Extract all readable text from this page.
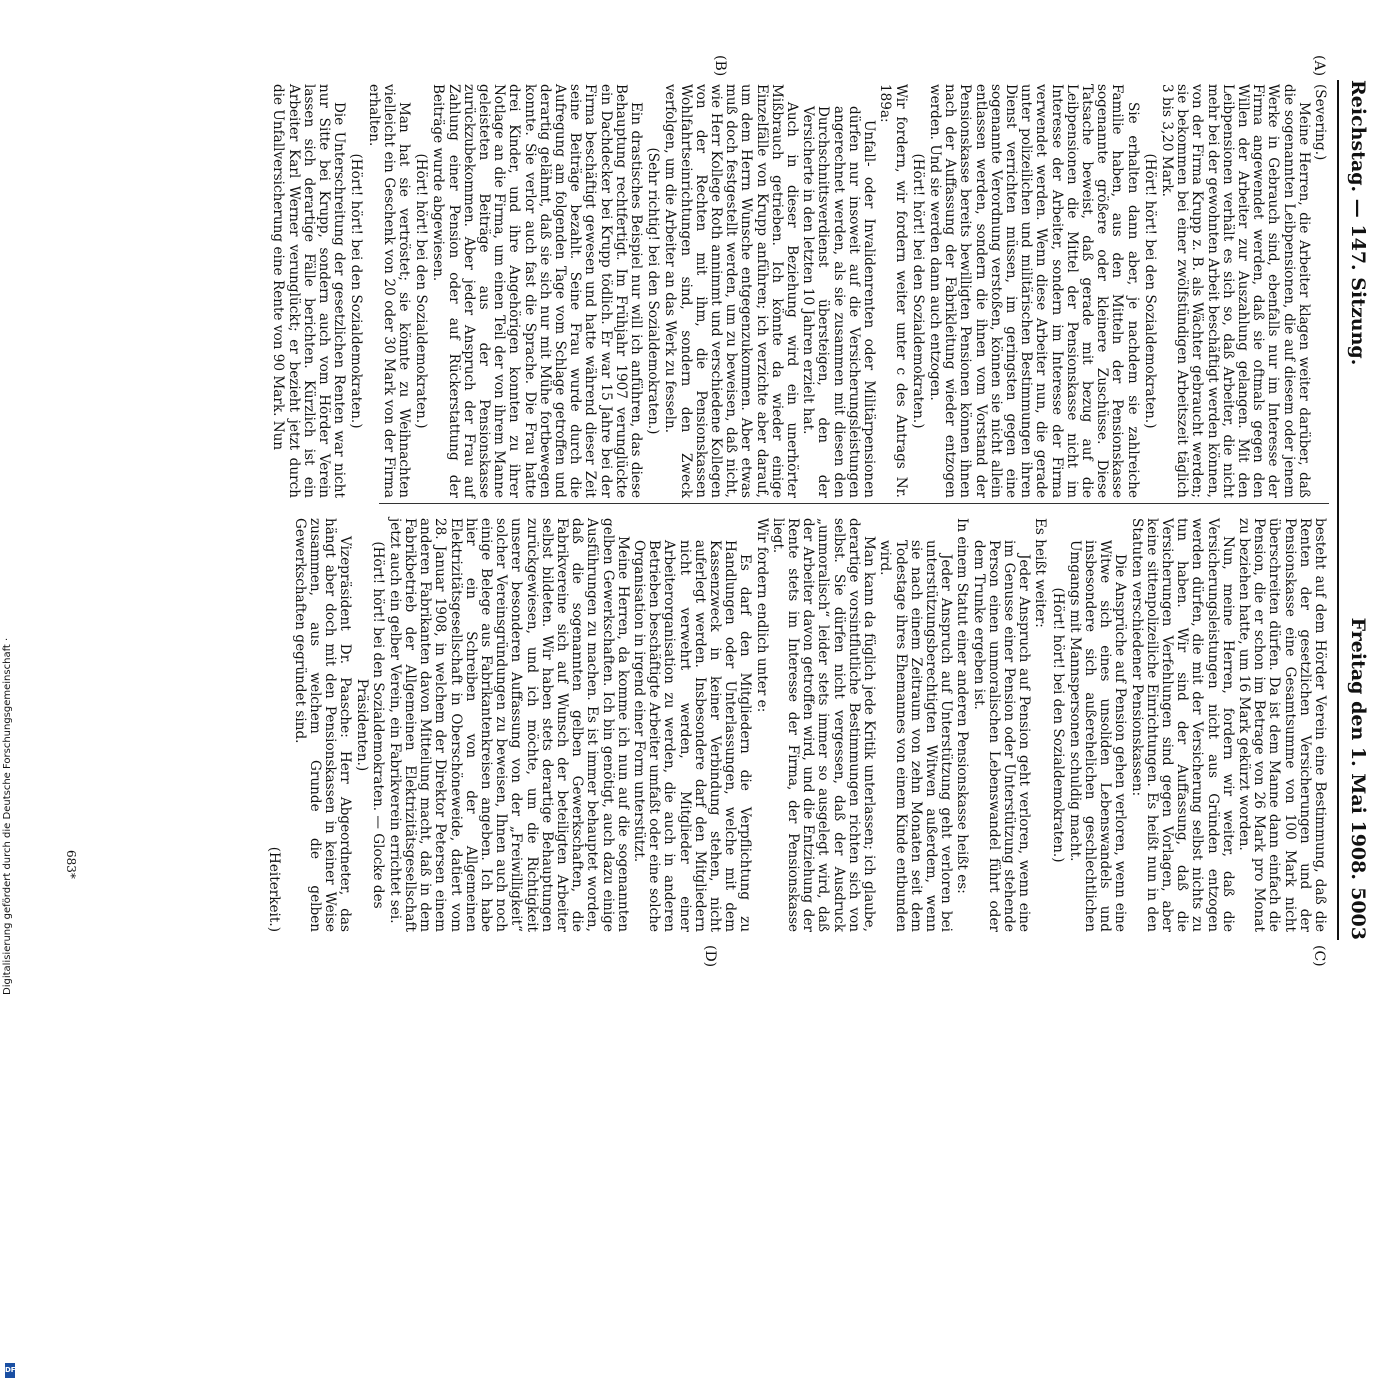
Reichstag. — 147. Sitzung.
Freitag den 1. Mai 1908.
5003
(A)
(B)
(C)
(D)

(Severing.)

Meine Herren, die Arbeiter klagen weiter darüber, daß die sogenannten Leibpensionen, die auf diesem oder jenem Werke in Gebrauch sind, ebenfalls nur im Interesse der Firma angewendet werden, daß sie oftmals gegen den Willen der Arbeiter zur Auszahlung gelangen. Mit den Leibpensionen verhält es sich so, daß Arbeiter, die nicht mehr bei der gewohnten Arbeit beschäftigt werden können, von der Firma Krupp z. B. als Wächter gebraucht werden; sie bekommen bei einer zwölfstündigen Arbeitszeit täglich 3 bis 3,20 Mark.

(Hört! hört! bei den Sozialdemokraten.)

Sie erhalten dann aber, je nachdem sie zahlreiche Familie haben, aus den Mitteln der Pensionskasse sogenannte größere oder kleinere Zuschüsse. Diese Tatsache beweist, daß gerade mit bezug auf die Leibpensionen die Mittel der Pensionskasse nicht im Interesse der Arbeiter, sondern im Interesse der Firma verwendet werden. Wenn diese Arbeiter nun, die gerade unter polizeilichen und militärischen Bestimmungen ihren Dienst verrichten müssen, im geringsten gegen eine sogenannte Verordnung verstoßen, können sie nicht allein entlassen werden, sondern die ihnen vom Vorstand der Pensionskasse bereits bewilligten Pensionen können ihnen nach der Auffassung der Fabrikleitung wieder entzogen werden. Und sie werden dann auch entzogen.

(Hört! hört! bei den Sozialdemokraten.)

Wir fordern, wir fordern weiter unter c des Antrags Nr. 189a:

Unfall- oder Invalidenrenten oder Militärpensionen dürfen nur insoweit auf die Versicherungsleistungen angerechnet werden, als sie zusammen mit diesen den Durchschnittsverdienst übersteigen, den der Versicherte in den letzten 10 Jahren erzielt hat.

Auch in dieser Beziehung wird ein unerhörter Mißbrauch getrieben. Ich könnte da wieder einige Einzelfälle von Krupp anführen; ich verzichte aber darauf, um dem Herrn Wunsche entgegenzukommen. Aber etwas muß doch festgestellt werden, um zu beweisen, daß nicht, wie Herr Kollege Roth annimmt und verschiedene Kollegen von der Rechten mit ihm, die Pensionskassen Wohlfahrtseinrichtungen sind, sondern den Zweck verfolgen, um die Arbeiter an das Werk zu fesseln.

(Sehr richtig! bei den Sozialdemokraten.)

Ein drastisches Beispiel nur will ich anführen, das diese Behauptung rechtfertigt. Im Frühjahr 1907 verunglückte ein Dachdecker bei Krupp tödlich. Er war 15 Jahre bei der Firma beschäftigt gewesen und hatte während dieser Zeit seine Beiträge bezahlt. Seine Frau wurde durch die Aufregung am folgenden Tage vom Schlage getroffen und derartig gelähmt, daß sie sich nur mit Mühe fortbewegen konnte. Sie verlor auch fast die Sprache. Die Frau hatte drei Kinder, und ihre Angehörigen konnten zu ihrer Notlage an die Firma, um einen Teil der von ihrem Manne geleisteten Beiträge aus der Pensionskasse zurückzubekommen. Aber jeder Anspruch der Frau auf Zahlung einer Pension oder auf Rückerstattung der Beiträge wurde abgewiesen.

(Hört! hört! bei den Sozialdemokraten.)

Man hat sie vertröstet; sie könnte zu Weihnachten vielleicht ein Geschenk von 20 oder 30 Mark von der Firma erhalten.

(Hört! hört! bei den Sozialdemokraten.)

Die Unterschreitung der gesetzlichen Renten war nicht nur Sitte bei Krupp, sondern auch vom Hörder Verein lassen sich derartige Fälle berichten. Kürzlich ist ein Arbeiter Karl Werner verunglückt; er bezieht jetzt durch die Unfallversicherung eine Rente von 90 Mark. Nun

besteht auf dem Hörder Verein eine Bestimmung, daß die Renten der gesetzlichen Versicherungen und der Pensionskasse eine Gesamtsumme von 100 Mark nicht überschreiten dürfen. Da ist dem Manne dann einfach die Pension, die er schon im Betrage von 26 Mark pro Monat zu beziehen hatte, um 16 Mark gekürzt worden.

Nun, meine Herren, fordern wir weiter, daß die Versicherungsleistungen nicht aus Gründen entzogen werden dürfen, die mit der Versicherung selbst nichts zu tun haben. Wir sind der Auffassung, daß die Versicherungen Verfehlungen sind gegen Vorlagen, aber keine sittenpolizeiliche Einrichtungen. Es heißt nun in den Statuten verschiedener Pensionskassen:

Die Ansprüche auf Pension gehen verloren, wenn eine Witwe sich eines unsoliden Lebenswandels und insbesondere sich außerehelichen geschlechtlichen Umgangs mit Mannspersonen schuldig macht.

(Hört! hört! bei den Sozialdemokraten.)

Es heißt weiter:

Jeder Anspruch auf Pension geht verloren, wenn eine im Genusse einer Pension oder Unterstützung stehende Person einen unmoralischen Lebenswandel führt oder dem Trunke ergeben ist.

In einem Statut einer anderen Pensionskasse heißt es:

Jeder Anspruch auf Unterstützung geht verloren bei unterstützungsberechtigten Witwen außerdem, wenn sie nach einem Zeitraum von zehn Monaten seit dem Todestage ihres Ehemannes von einem Kinde entbunden wird.

Man kann da füglich jede Kritik unterlassen; ich glaube, derartige vorsintflutliche Bestimmungen richten sich von selbst. Sie dürfen nicht vergessen, daß der Ausdruck „unmoralisch“ leider stets immer so ausgelegt wird, daß der Arbeiter davon getroffen wird, und die Entziehung der Rente stets im Interesse der Firma, der Pensionskasse liegt.

Wir fordern endlich unter e:

Es darf den Mitgliedern die Verpflichtung zu Handlungen oder Unterlassungen, welche mit dem Kassenzweck in keiner Verbindung stehen, nicht auferlegt werden. Insbesondere darf den Mitgliedern nicht verwehrt werden, Mitglieder einer Arbeiterorganisation zu werden, die auch in anderen Betrieben beschäftigte Arbeiter umfaßt oder eine solche Organisation in irgend einer Form unterstützt.

Meine Herren, da komme ich nun auf die sogenannten gelben Gewerkschaften. Ich bin genötigt, auch dazu einige Ausführungen zu machen. Es ist immer behauptet worden, daß die sogenannten gelben Gewerkschaften, die Fabrikvereine sich auf Wunsch der beteiligten Arbeiter selbst bildeten. Wir haben stets derartige Behauptungen zurückgewiesen, und ich möchte, um die Richtigkeit unserer besonderen Auffassung von der „Freiwilligkeit“ solcher Vereinsgründungen zu beweisen, Ihnen auch noch einige Belege aus Fabrikantenkreisen angeben. Ich habe hier ein Schreiben von der Allgemeinen Elektrizitätsgesellschaft in Oberschöneweide, datiert vom 28. Januar 1908, in welchem der Direktor Petersen einem anderen Fabrikanten davon Mitteilung macht, daß in dem Fabrikbetrieb der Allgemeinen Elektrizitätsgesellschaft jetzt auch ein gelber Verein, ein Fabrikverein errichtet sei.

(Hört! hört! bei den Sozialdemokraten. — Glocke des Präsidenten.)

Vizepräsident Dr. Paasche: Herr Abgeordneter, das hängt aber doch mit den Pensionskassen in keiner Weise zusammen, aus welchem Grunde die gelben Gewerkschaften gegründet sind.

(Heiterkeit.)

683*
DFG
Digitalisierung gefördert durch die Deutsche Forschungsgemeinschaft ·
